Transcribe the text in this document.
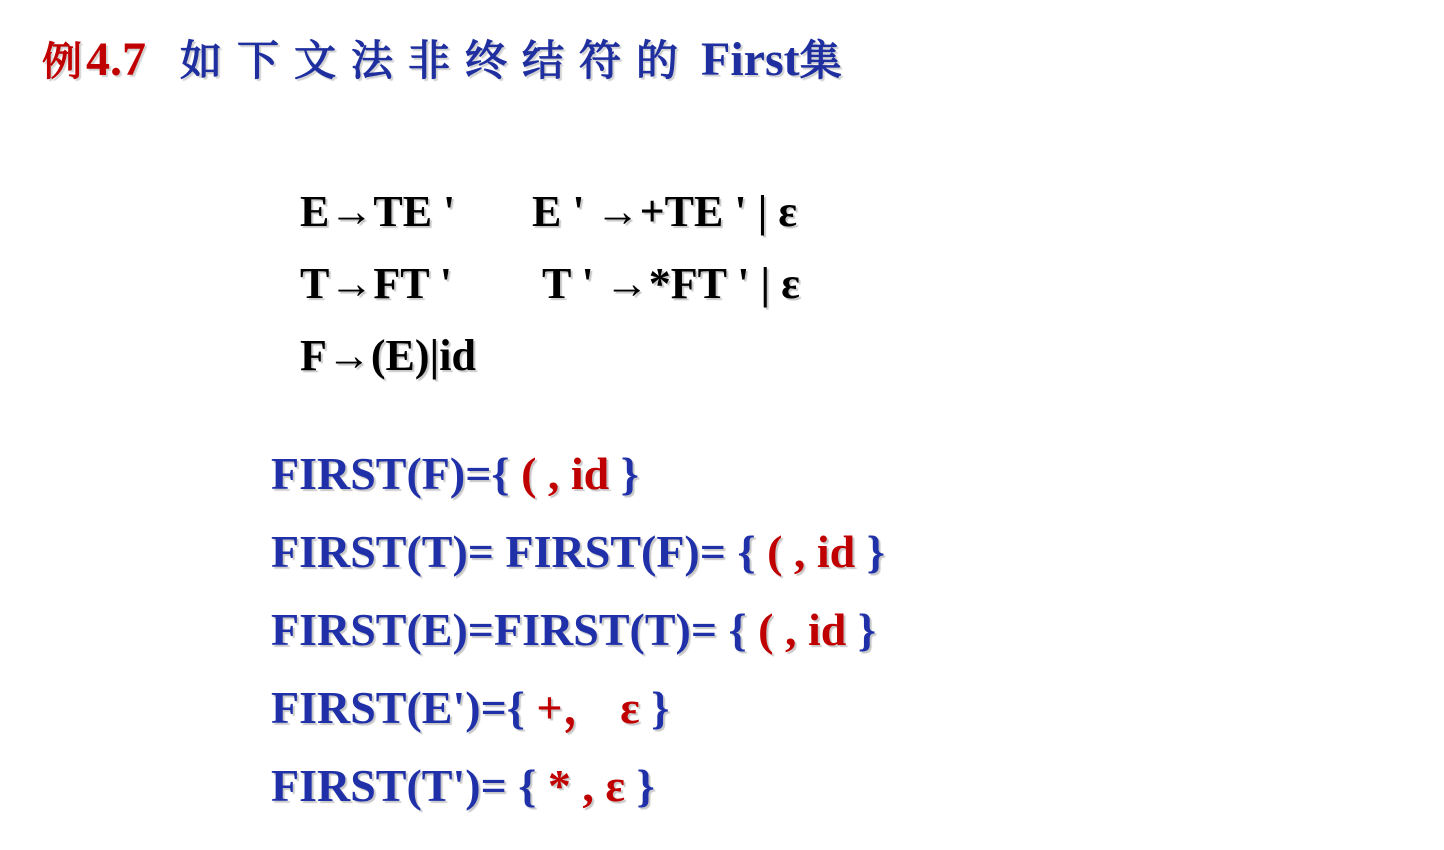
例 4.7 如下文法非终结符的 First 集
E→TE ' E ' →+TE ' | ε
T→FT ' T ' →*FT ' | ε
F→(E)|id
FIRST(F)={ ( , id }
FIRST(T)= FIRST(F)= { ( , id }
FIRST(E)=FIRST(T)= { ( , id }
FIRST(E')={ +， ε }
FIRST(T')= { * , ε }
